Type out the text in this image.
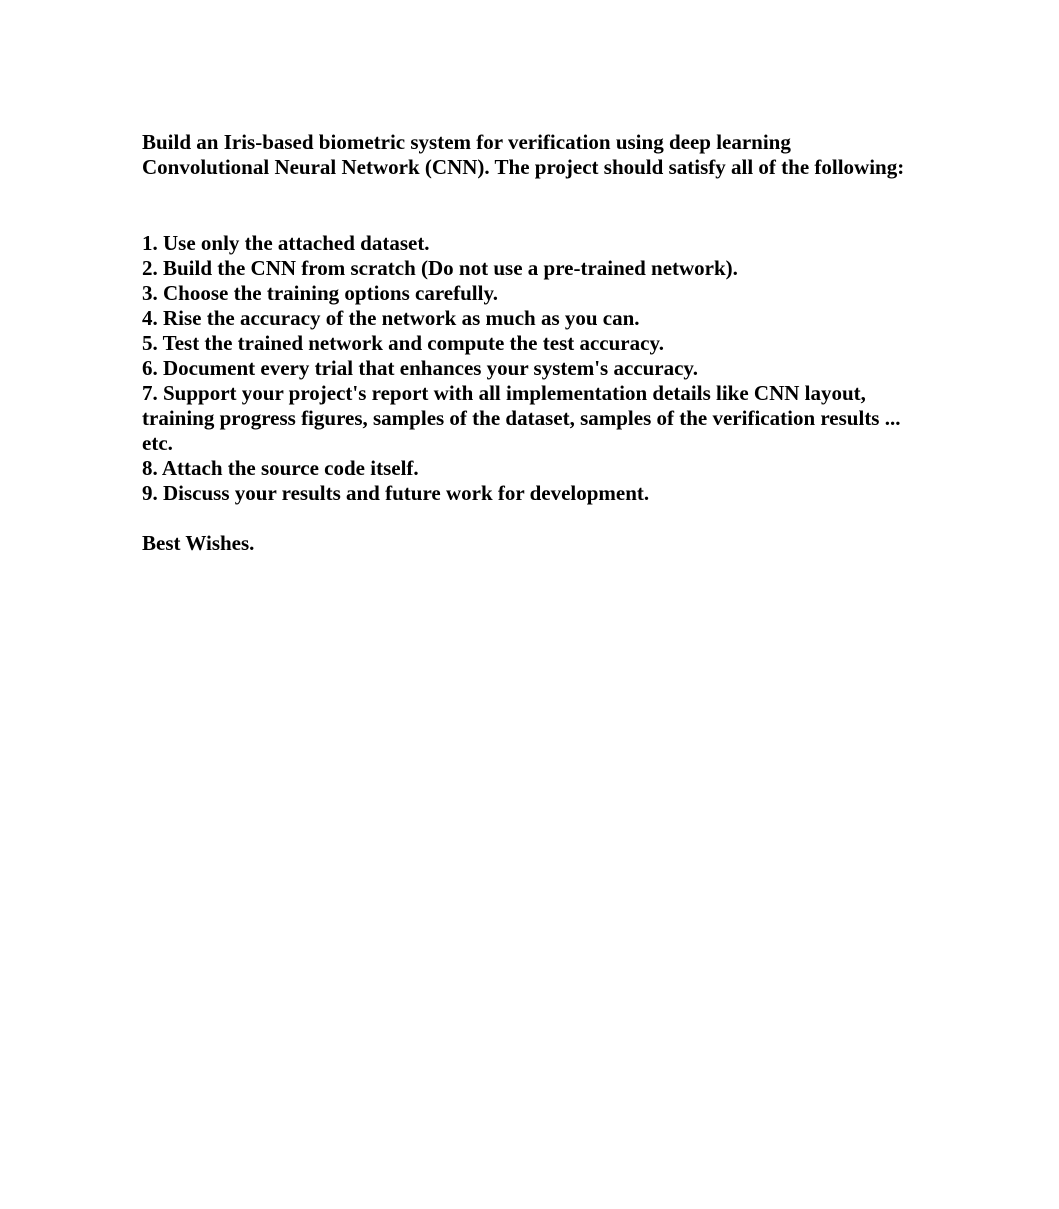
Build an Iris-based biometric system for verification using deep learning Convolutional Neural Network (CNN). The project should satisfy all of the following:

1. Use only the attached dataset.
2. Build the CNN from scratch (Do not use a pre-trained network).
3. Choose the training options carefully.
4. Rise the accuracy of the network as much as you can.
5. Test the trained network and compute the test accuracy.
6. Document every trial that enhances your system's accuracy.
7. Support your project's report with all implementation details like CNN layout, training progress figures, samples of the dataset, samples of the verification results ... etc.
8. Attach the source code itself.
9. Discuss your results and future work for development.

Best Wishes.
